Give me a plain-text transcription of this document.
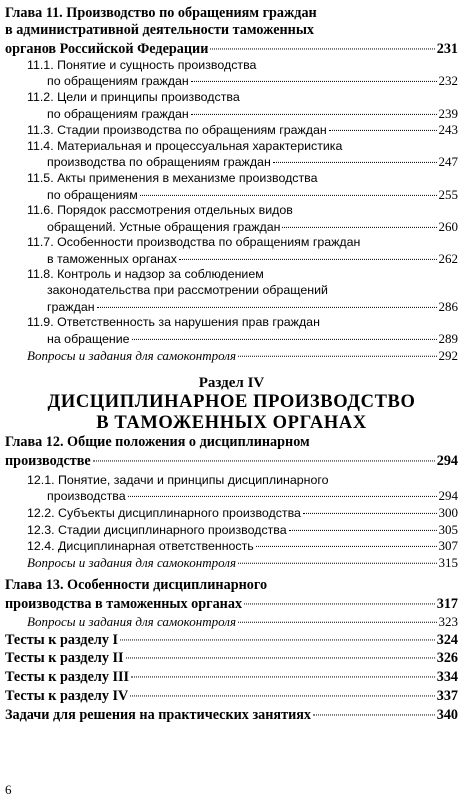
Глава 11. Производство по обращениям граждан
в административной деятельности таможенных
органов Российской Федерации	231
11.1. Понятие и сущность производства
по обращениям граждан	232
11.2. Цели и принципы производства
по обращениям граждан	239
11.3. Стадии производства по обращениям граждан	243
11.4. Материальная и процессуальная характеристика
производства по обращениям граждан	247
11.5. Акты применения в механизме производства
по обращениям	255
11.6. Порядок рассмотрения отдельных видов
обращений. Устные обращения граждан	260
11.7. Особенности производства по обращениям граждан
в таможенных органах	262
11.8. Контроль и надзор за соблюдением
законодательства при рассмотрении обращений
граждан	286
11.9. Ответственность за нарушения прав граждан
на обращение	289
Вопросы и задания для самоконтроля	292
Раздел IV
ДИСЦИПЛИНАРНОЕ ПРОИЗВОДСТВО
В ТАМОЖЕННЫХ ОРГАНАХ
Глава 12. Общие положения о дисциплинарном
производстве	294
12.1. Понятие, задачи и принципы дисциплинарного
производства	294
12.2. Субъекты дисциплинарного производства	300
12.3. Стадии дисциплинарного производства	305
12.4. Дисциплинарная ответственность	307
Вопросы и задания для самоконтроля	315
Глава 13. Особенности дисциплинарного
производства в таможенных органах	317
Вопросы и задания для самоконтроля	323
Тесты к разделу I	324
Тесты к разделу II	326
Тесты к разделу III	334
Тесты к разделу IV	337
Задачи для решения на практических занятиях	340
6
